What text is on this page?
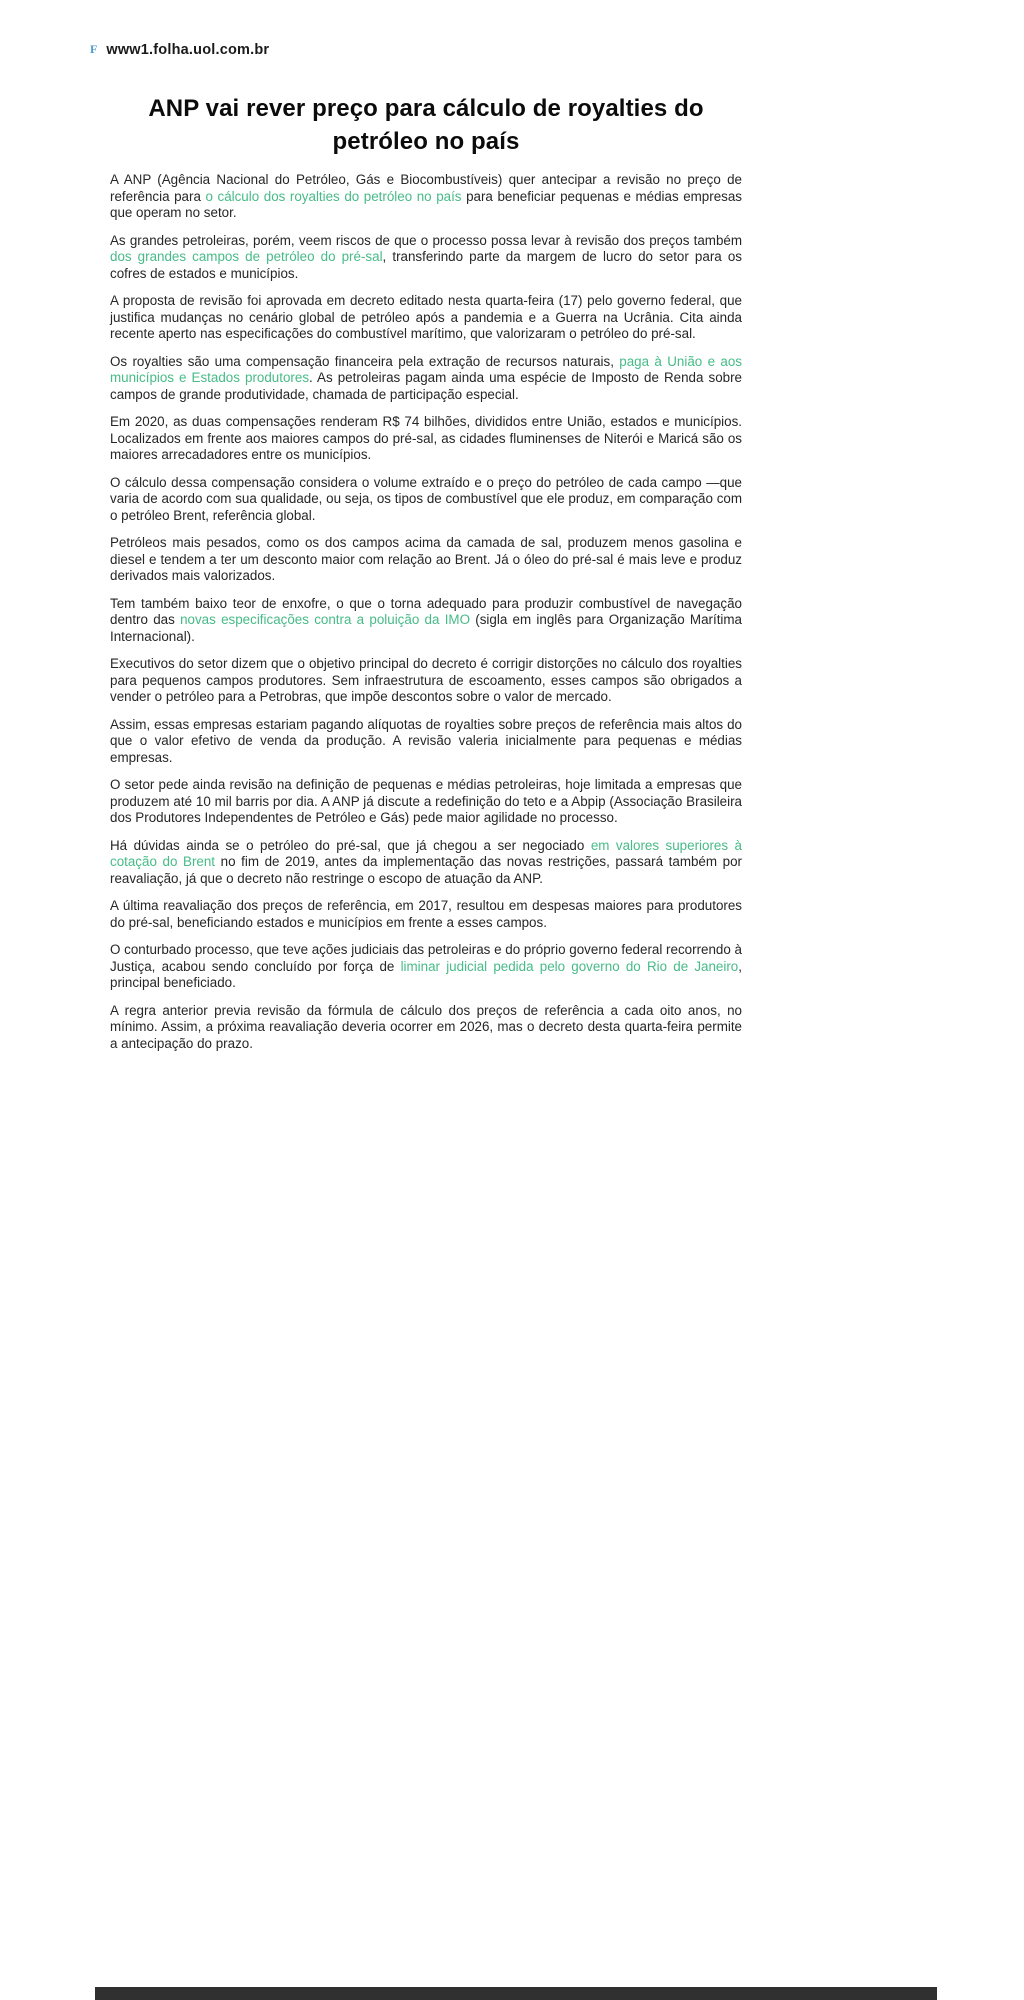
F www1.folha.uol.com.br
ANP vai rever preço para cálculo de royalties do petróleo no país

A ANP (Agência Nacional do Petróleo, Gás e Biocombustíveis) quer antecipar a revisão no preço de referência para o cálculo dos royalties do petróleo no país para beneficiar pequenas e médias empresas que operam no setor.

As grandes petroleiras, porém, veem riscos de que o processo possa levar à revisão dos preços também dos grandes campos de petróleo do pré-sal, transferindo parte da margem de lucro do setor para os cofres de estados e municípios.

A proposta de revisão foi aprovada em decreto editado nesta quarta-feira (17) pelo governo federal, que justifica mudanças no cenário global de petróleo após a pandemia e a Guerra na Ucrânia. Cita ainda recente aperto nas especificações do combustível marítimo, que valorizaram o petróleo do pré-sal.

Os royalties são uma compensação financeira pela extração de recursos naturais, paga à União e aos municípios e Estados produtores. As petroleiras pagam ainda uma espécie de Imposto de Renda sobre campos de grande produtividade, chamada de participação especial.

Em 2020, as duas compensações renderam R$ 74 bilhões, divididos entre União, estados e municípios. Localizados em frente aos maiores campos do pré-sal, as cidades fluminenses de Niterói e Maricá são os maiores arrecadadores entre os municípios.

O cálculo dessa compensação considera o volume extraído e o preço do petróleo de cada campo —que varia de acordo com sua qualidade, ou seja, os tipos de combustível que ele produz, em comparação com o petróleo Brent, referência global.

Petróleos mais pesados, como os dos campos acima da camada de sal, produzem menos gasolina e diesel e tendem a ter um desconto maior com relação ao Brent. Já o óleo do pré-sal é mais leve e produz derivados mais valorizados.

Tem também baixo teor de enxofre, o que o torna adequado para produzir combustível de navegação dentro das novas especificações contra a poluição da IMO (sigla em inglês para Organização Marítima Internacional).

Executivos do setor dizem que o objetivo principal do decreto é corrigir distorções no cálculo dos royalties para pequenos campos produtores. Sem infraestrutura de escoamento, esses campos são obrigados a vender o petróleo para a Petrobras, que impõe descontos sobre o valor de mercado.

Assim, essas empresas estariam pagando alíquotas de royalties sobre preços de referência mais altos do que o valor efetivo de venda da produção. A revisão valeria inicialmente para pequenas e médias empresas.

O setor pede ainda revisão na definição de pequenas e médias petroleiras, hoje limitada a empresas que produzem até 10 mil barris por dia. A ANP já discute a redefinição do teto e a Abpip (Associação Brasileira dos Produtores Independentes de Petróleo e Gás) pede maior agilidade no processo.

Há dúvidas ainda se o petróleo do pré-sal, que já chegou a ser negociado em valores superiores à cotação do Brent no fim de 2019, antes da implementação das novas restrições, passará também por reavaliação, já que o decreto não restringe o escopo de atuação da ANP.

A última reavaliação dos preços de referência, em 2017, resultou em despesas maiores para produtores do pré-sal, beneficiando estados e municípios em frente a esses campos.

O conturbado processo, que teve ações judiciais das petroleiras e do próprio governo federal recorrendo à Justiça, acabou sendo concluído por força de liminar judicial pedida pelo governo do Rio de Janeiro, principal beneficiado.

A regra anterior previa revisão da fórmula de cálculo dos preços de referência a cada oito anos, no mínimo. Assim, a próxima reavaliação deveria ocorrer em 2026, mas o decreto desta quarta-feira permite a antecipação do prazo.
